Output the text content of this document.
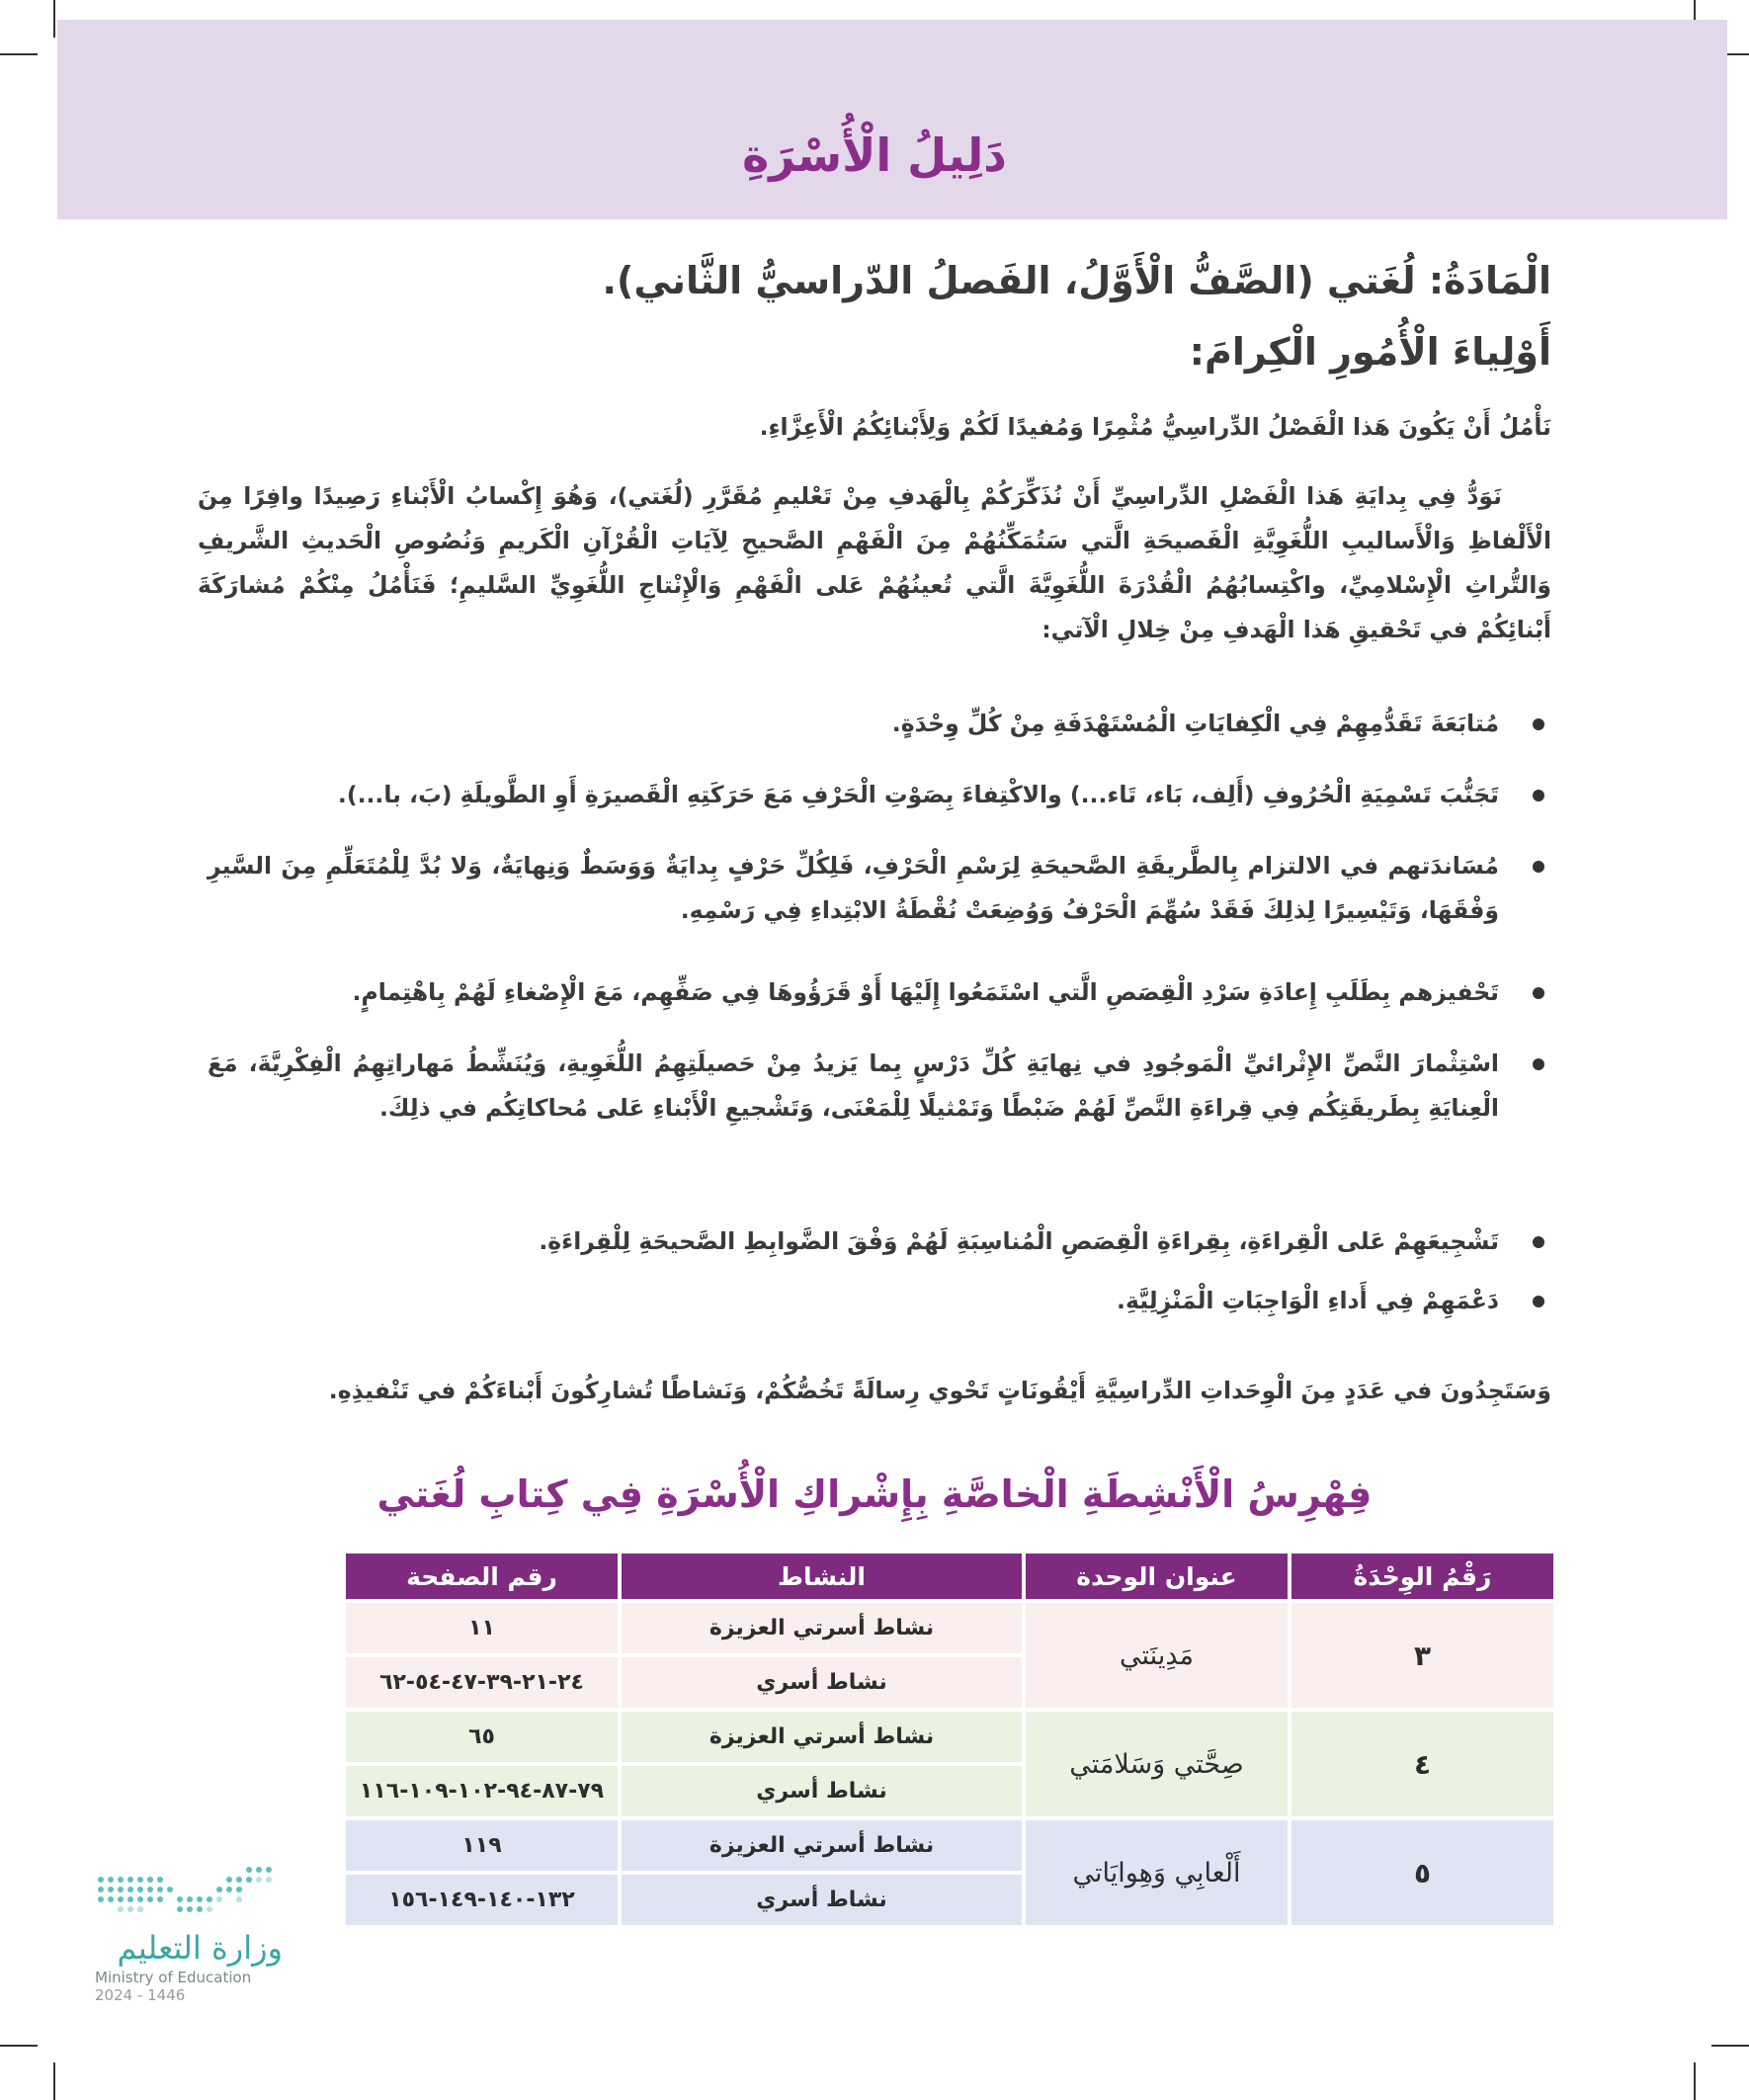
دَلِيلُ الْأُسْرَةِ
الْمَادَةُ: لُغَتي (الصَّفُّ الْأَوَّلُ، الفَصلُ الدّراسيُّ الثَّاني).
أَوْلِياءَ الْأُمُورِ الْكِرامَ:
نَأْمُلُ أَنْ يَكُونَ هَذا الْفَصْلُ الدِّراسِيُّ مُثْمِرًا وَمُفيدًا لَكُمْ وَلِأَبْنائِكُمُ الْأَعِزَّاءِ.
نَوَدُّ فِي بِدايَةِ هَذا الْفَصْلِ الدِّراسِيِّ أَنْ نُذَكِّرَكُمْ بِالْهَدفِ مِنْ تَعْليمِ مُقَرَّرِ (لُغَتي)، وَهُوَ إِكْسابُ الْأَبْناءِ رَصِيدًا وافِرًا مِنَ الْأَلْفاظِ وَالْأَساليبِ اللُّغَوِيَّةِ الْفَصيحَةِ الَّتي سَتُمَكِّنُهُمْ مِنَ الْفَهْمِ الصَّحيحِ لِآيَاتِ الْقُرْآنِ الْكَريمِ وَنُصُوصِ الْحَديثِ الشَّريفِ وَالتُّراثِ الْإِسْلامِيِّ، واكْتِسابُهُمُ الْقُدْرَةَ اللُّغَوِيَّةَ الَّتي تُعينُهُمْ عَلى الْفَهْمِ وَالْإِنْتاجِ اللُّغَوِيِّ السَّليمِ؛ فَنَأْمُلُ مِنْكُمْ مُشارَكَةَ أَبْنائِكُمْ في تَحْقيقِ هَذا الْهَدفِ مِنْ خِلالِ الْآتي:
مُتابَعَةَ تَقَدُّمِهِمْ فِي الْكِفايَاتِ الْمُسْتَهْدَفَةِ مِنْ كُلِّ وِحْدَةٍ.
تَجَنُّبَ تَسْمِيَةِ الْحُرُوفِ (أَلِف، بَاء، تَاء...) والاكْتِفاءَ بِصَوْتِ الْحَرْفِ مَعَ حَرَكَتِهِ الْقَصيرَةِ أَوِ الطَّويلَةِ (بَ، با...).
مُسَاندَتهم في الالتزام بِالطَّريقَةِ الصَّحيحَةِ لِرَسْمِ الْحَرْفِ، فَلِكُلِّ حَرْفٍ بِدايَةٌ وَوَسَطٌ وَنِهايَةٌ، وَلا بُدَّ لِلْمُتَعَلِّمِ مِنَ السَّيرِ وَفْقَهَا، وَتَيْسِيرًا لِذلِكَ فَقَدْ سُهِّمَ الْحَرْفُ وَوُضِعَتْ نُقْطَةُ الابْتِداءِ فِي رَسْمِهِ.
تَحْفيزهم بِطَلَبِ إِعادَةِ سَرْدِ الْقِصَصِ الَّتي اسْتَمَعُوا إِلَيْهَا أَوْ قَرَؤُوهَا فِي صَفِّهِم، مَعَ الْإِصْغاءِ لَهُمْ بِاهْتِمامٍ.
اسْتِثْمارَ النَّصِّ الإِثْرائيِّ الْمَوجُودِ في نِهايَةِ كُلِّ دَرْسٍ بِما يَزيدُ مِنْ حَصيلَتِهِمُ اللُّغَوِيةِ، وَيُنَشِّطُ مَهاراتِهِمُ الْفِكْرِيَّةَ، مَعَ الْعِنايَةِ بِطَريقَتِكُم فِي قِراءَةِ النَّصِّ لَهُمْ ضَبْطًا وَتَمْثيلًا لِلْمَعْنَى، وَتَشْجيعِ الْأَبْناءِ عَلى مُحاكاتِكُم في ذلِكَ.
تَشْجِيعَهِمْ عَلى الْقِراءَةِ، بِقِراءَةِ الْقِصَصِ الْمُناسِبَةِ لَهُمْ وَفْقَ الضَّوابِطِ الصَّحيحَةِ لِلْقِراءَةِ.
دَعْمَهِمْ فِي أَداءِ الْوَاجِبَاتِ الْمَنْزِلِيَّةِ.
وَسَتَجِدُونَ في عَدَدٍ مِنَ الْوِحَداتِ الدِّراسِيَّةِ أَيْقُونَاتٍ تَحْوي رِسالَةً تَخُصُّكُمْ، وَنَشاطًا تُشارِكُونَ أَبْناءَكُمْ في تَنْفيذِهِ.
فِهْرِسُ الْأَنْشِطَةِ الْخاصَّةِ بِإِشْراكِ الْأُسْرَةِ فِي كِتابِ لُغَتي
رَقْمُ الوِحْدَةُ	عنوان الوحدة	النشاط	رقم الصفحة
٣	مَدِينَتي	نشاط أسرتي العزيزة	١١
		نشاط أسري	٢٤-٢١-٣٩-٤٧-٥٤-٦٢
٤	صِحَّتي وَسَلامَتي	نشاط أسرتي العزيزة	٦٥
		نشاط أسري	٧٩-٨٧-٩٤-١٠٢-١٠٩-١١٦
٥	أَلْعابِي وَهِوايَاتي	نشاط أسرتي العزيزة	١١٩
		نشاط أسري	١٣٢-١٤٠-١٤٩-١٥٦
وزارة التعليم
Ministry of Education
2024 - 1446
